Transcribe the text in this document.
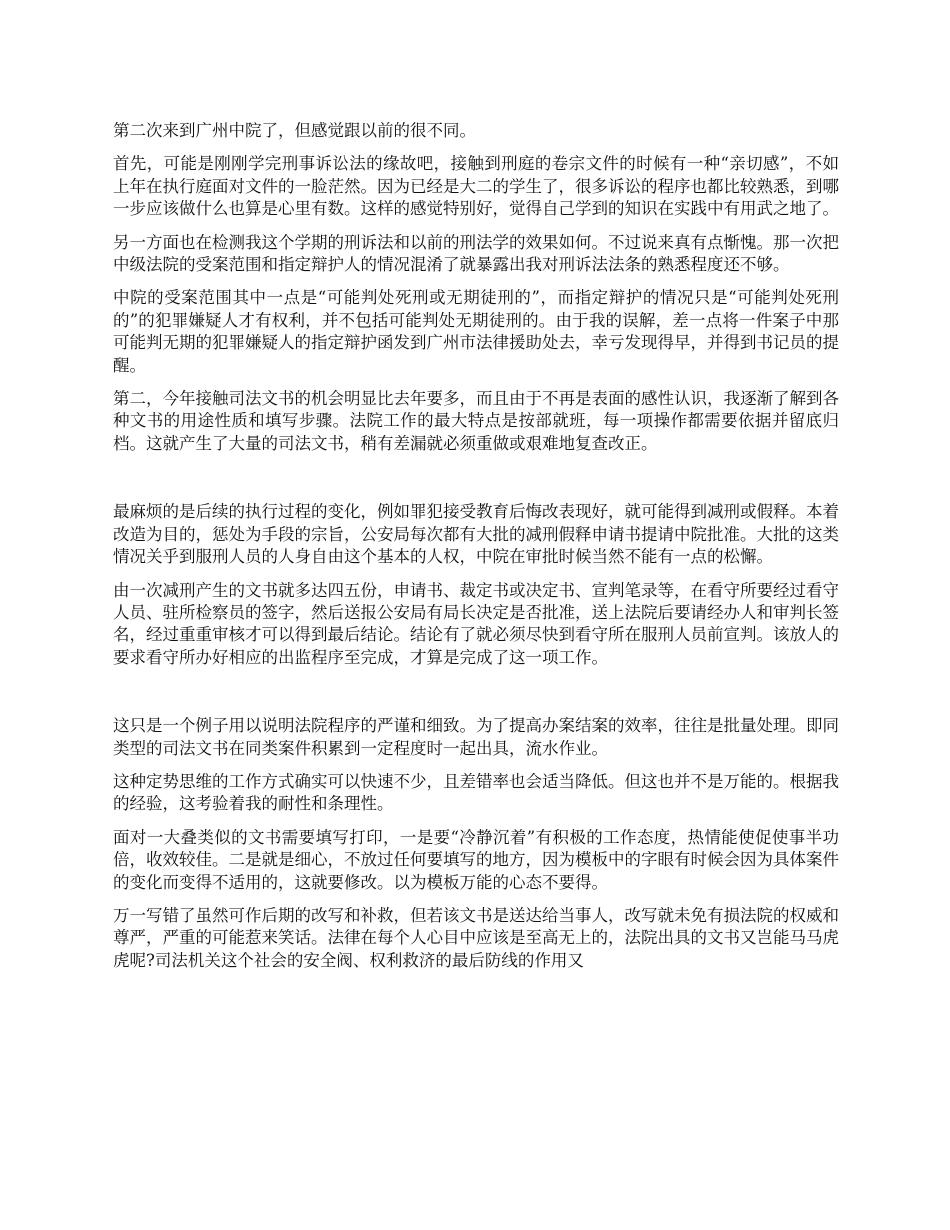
第二次来到广州中院了，但感觉跟以前的很不同。

首先，可能是刚刚学完刑事诉讼法的缘故吧，接触到刑庭的卷宗文件的时候有一种“亲切感”，不如上年在执行庭面对文件的一脸茫然。因为已经是大二的学生了，很多诉讼的程序也都比较熟悉，到哪一步应该做什么也算是心里有数。这样的感觉特别好，觉得自己学到的知识在实践中有用武之地了。

另一方面也在检测我这个学期的刑诉法和以前的刑法学的效果如何。不过说来真有点惭愧。那一次把中级法院的受案范围和指定辩护人的情况混淆了就暴露出我对刑诉法法条的熟悉程度还不够。

中院的受案范围其中一点是“可能判处死刑或无期徒刑的”，而指定辩护的情况只是“可能判处死刑的”的犯罪嫌疑人才有权利，并不包括可能判处无期徒刑的。由于我的误解，差一点将一件案子中那可能判无期的犯罪嫌疑人的指定辩护函发到广州市法律援助处去，幸亏发现得早，并得到书记员的提醒。

第二，今年接触司法文书的机会明显比去年要多，而且由于不再是表面的感性认识，我逐渐了解到各种文书的用途性质和填写步骤。法院工作的最大特点是按部就班，每一项操作都需要依据并留底归档。这就产生了大量的司法文书，稍有差漏就必须重做或艰难地复查改正。

最麻烦的是后续的执行过程的变化，例如罪犯接受教育后悔改表现好，就可能得到减刑或假释。本着改造为目的，惩处为手段的宗旨，公安局每次都有大批的减刑假释申请书提请中院批准。大批的这类情况关乎到服刑人员的人身自由这个基本的人权，中院在审批时候当然不能有一点的松懈。

由一次减刑产生的文书就多达四五份，申请书、裁定书或决定书、宣判笔录等，在看守所要经过看守人员、驻所检察员的签字，然后送报公安局有局长决定是否批准，送上法院后要请经办人和审判长签名，经过重重审核才可以得到最后结论。结论有了就必须尽快到看守所在服刑人员前宣判。该放人的要求看守所办好相应的出监程序至完成，才算是完成了这一项工作。

这只是一个例子用以说明法院程序的严谨和细致。为了提高办案结案的效率，往往是批量处理。即同类型的司法文书在同类案件积累到一定程度时一起出具，流水作业。

这种定势思维的工作方式确实可以快速不少，且差错率也会适当降低。但这也并不是万能的。根据我的经验，这考验着我的耐性和条理性。

面对一大叠类似的文书需要填写打印，一是要“冷静沉着”有积极的工作态度，热情能使促使事半功倍，收效较佳。二是就是细心，不放过任何要填写的地方，因为模板中的字眼有时候会因为具体案件的变化而变得不适用的，这就要修改。以为模板万能的心态不要得。

万一写错了虽然可作后期的改写和补救，但若该文书是送达给当事人，改写就未免有损法院的权威和尊严，严重的可能惹来笑话。法律在每个人心目中应该是至高无上的，法院出具的文书又岂能马马虎虎呢?司法机关这个社会的安全阀、权利救济的最后防线的作用又
